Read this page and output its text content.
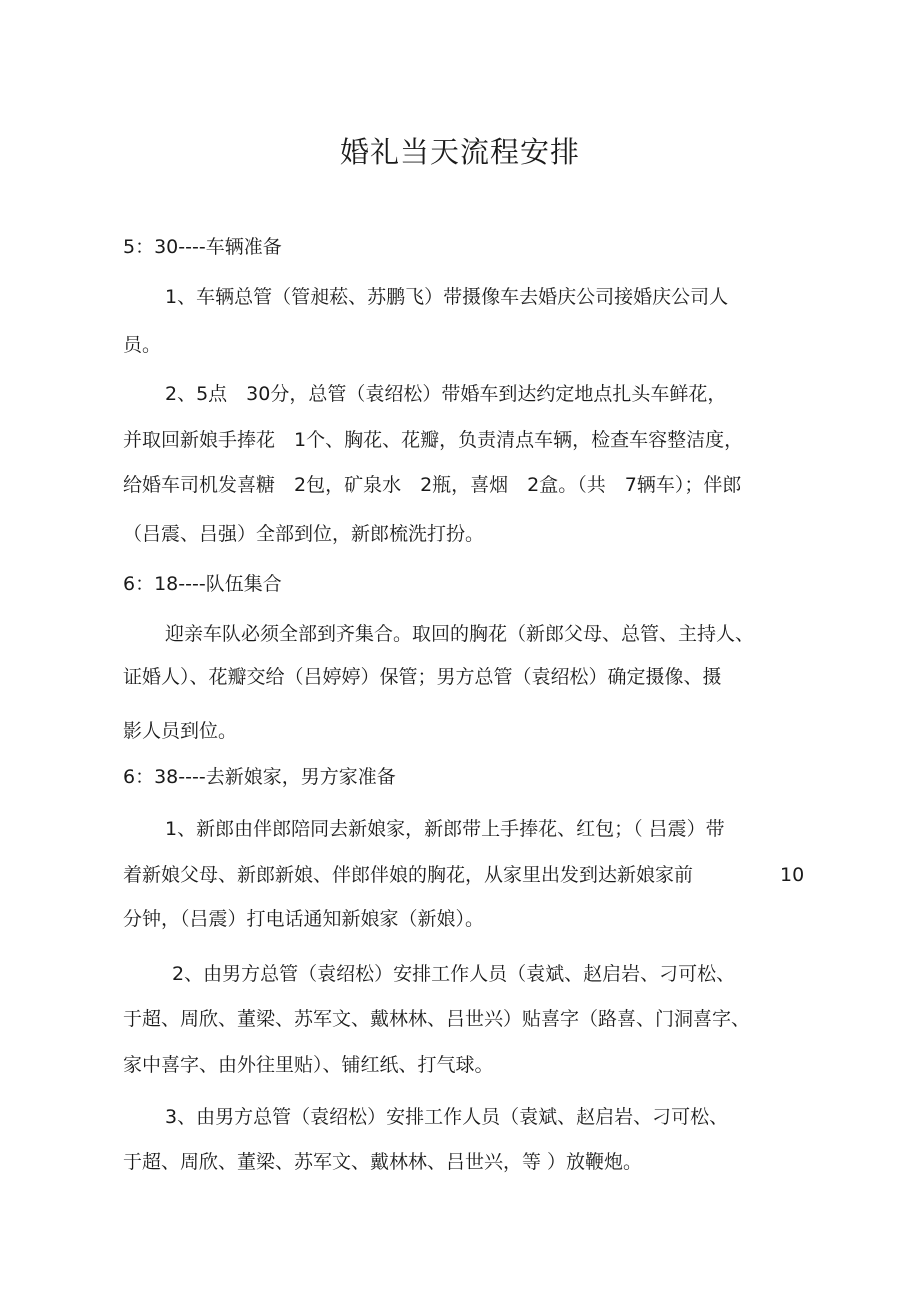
婚礼当天流程安排

5：30----车辆准备

1、车辆总管（管昶菘、苏鹏飞）带摄像车去婚庆公司接婚庆公司人

员。

2、5点　30分，总管（袁绍松）带婚车到达约定地点扎头车鲜花，

并取回新娘手捧花　1个、胸花、花瓣，负责清点车辆，检查车容整洁度，

给婚车司机发喜糖　2包，矿泉水　2瓶，喜烟　2盒。（共　7辆车）；伴郎

（吕震、吕强）全部到位，新郎梳洗打扮。

6：18----队伍集合

迎亲车队必须全部到齐集合。取回的胸花（新郎父母、总管、主持人、

证婚人）、花瓣交给（吕婷婷）保管；男方总管（袁绍松）确定摄像、摄

影人员到位。

6：38----去新娘家，男方家准备

1、新郎由伴郎陪同去新娘家，新郎带上手捧花、红包；（ 吕震）带

着新娘父母、新郎新娘、伴郎伴娘的胸花，从家里出发到达新娘家前	10

分钟，（吕震）打电话通知新娘家（新娘）。

2、由男方总管（袁绍松）安排工作人员（袁斌、赵启岩、刁可松、

于超、周欣、董梁、苏军文、戴林林、吕世兴）贴喜字（路喜、门洞喜字、

家中喜字、由外往里贴）、铺红纸、打气球。

3、由男方总管（袁绍松）安排工作人员（袁斌、赵启岩、刁可松、

于超、周欣、董梁、苏军文、戴林林、吕世兴，等 ）放鞭炮。
